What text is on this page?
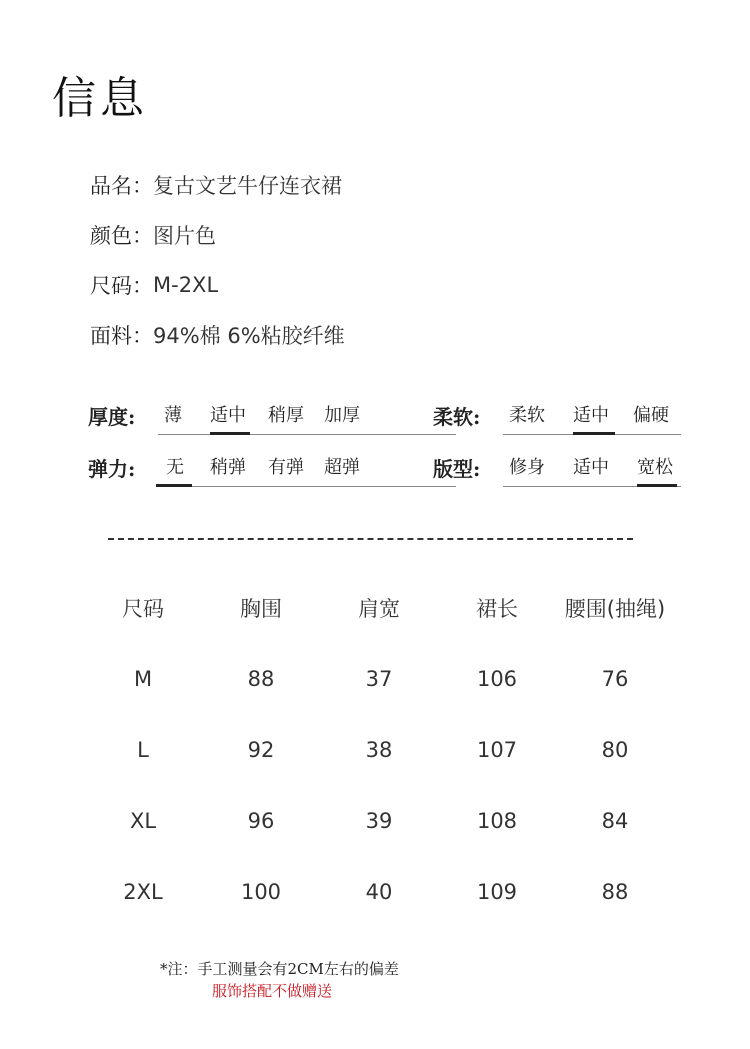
信息
品名： 复古文艺牛仔连衣裙
颜色： 图片色
尺码： M-2XL
面料： 94%棉 6%粘胶纤维
厚度: 薄 适中 稍厚 加厚	柔软: 柔软 适中 偏硬
弹力: 无 稍弹 有弹 超弹	版型: 修身 适中 宽松
尺码	胸围	肩宽	裙长	腰围(抽绳)
M	88	37	106	76
L	92	38	107	80
XL	96	39	108	84
2XL	100	40	109	88
*注：手工测量会有2CM左右的偏差
服饰搭配不做赠送
